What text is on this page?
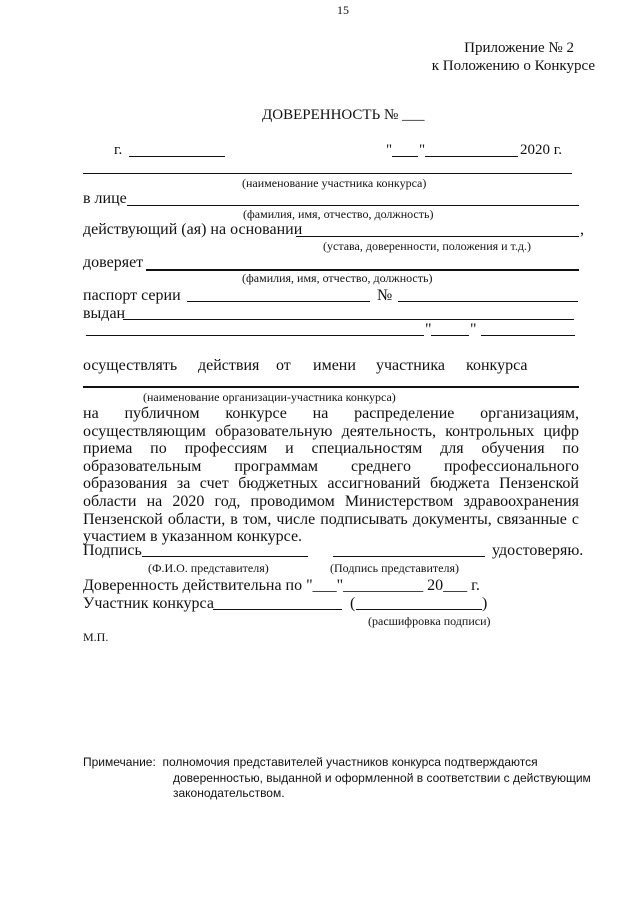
15
Приложение № 2
к Положению о Конкурсе
ДОВЕРЕННОСТЬ № ___
г.	" "	2020 г.
(наименование участника конкурса)
в лице
(фамилия, имя, отчество, должность)
действующий (ая) на основании	,
(устава, доверенности, положения и т.д.)
доверяет
(фамилия, имя, отчество, должность)
паспорт серии	№
выдан
" "
осуществлять действия от имени участника конкурса
(наименование организации-участника конкурса)

на публичном конкурсе на распределение организациям, осуществляющим образовательную деятельность, контрольных цифр приема по профессиям и специальностям для обучения по образовательным программам среднего профессионального образования за счет бюджетных ассигнований бюджета Пензенской области на 2020 год, проводимом Министерством здравоохранения Пензенской области, в том, числе подписывать документы, связанные с участием в указанном конкурсе.

Подпись	удостоверяю.
(Ф.И.О. представителя)	(Подпись представителя)
Доверенность действительна по "___"__________ 20___ г.
Участник конкурса	(	)
(расшифровка подписи)
М.П.
Примечание: полномочия представителей участников конкурса подтверждаются
доверенностью, выданной и оформленной в соответствии с действующим
законодательством.
